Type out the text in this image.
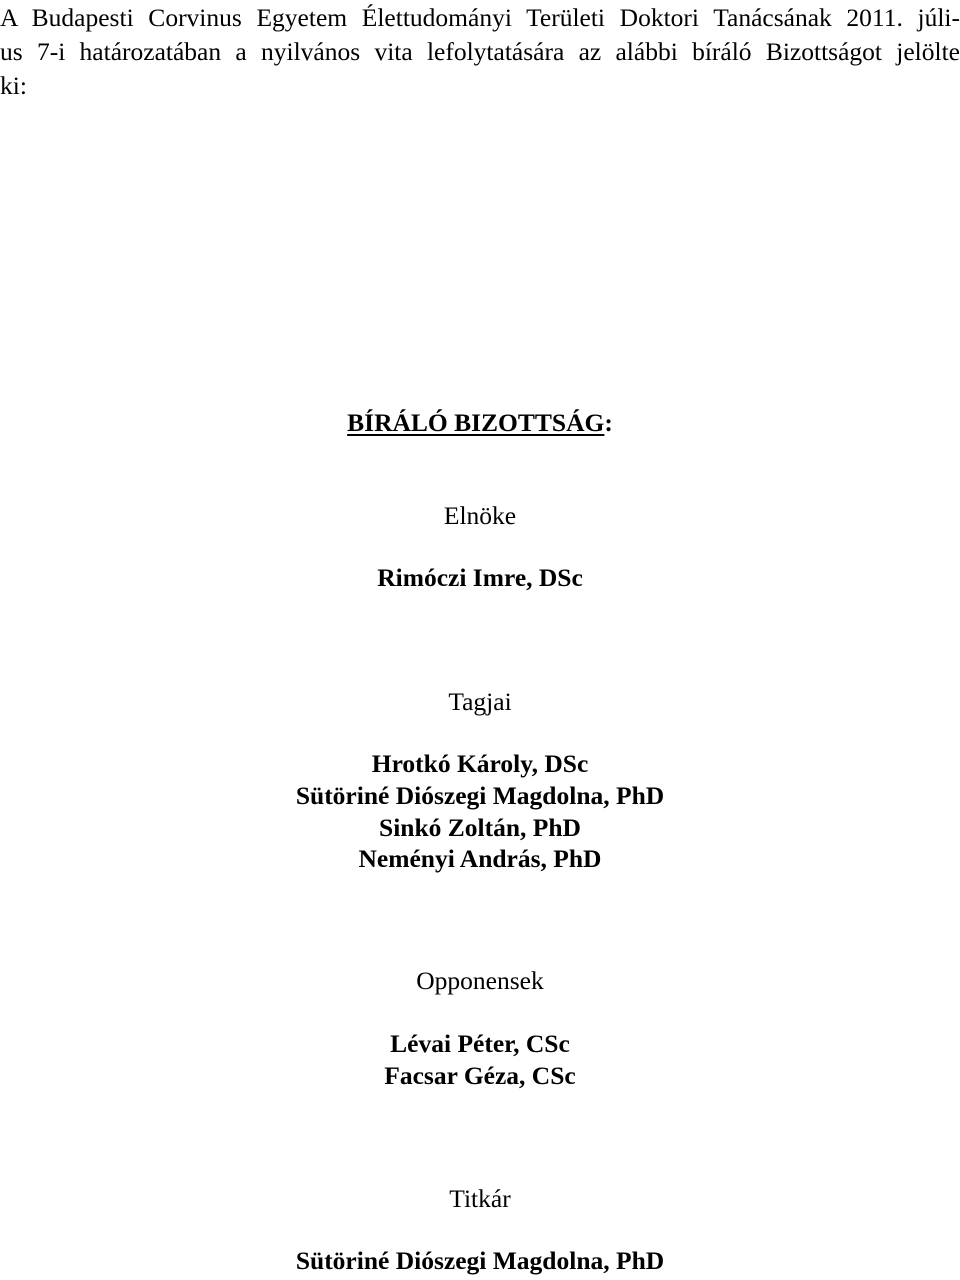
A Budapesti Corvinus Egyetem Élettudományi Területi Doktori Tanácsának 2011. júli-
us 7-i határozatában a nyilvános vita lefolytatására az alábbi bíráló Bizottságot jelölte
ki:
BÍRÁLÓ BIZOTTSÁG:
Elnöke
Rimóczi Imre, DSc
Tagjai
Hrotkó Károly, DSc
Sütöriné Diószegi Magdolna, PhD
Sinkó Zoltán, PhD
Neményi András, PhD
Opponensek
Lévai Péter, CSc
Facsar Géza, CSc
Titkár
Sütöriné Diószegi Magdolna, PhD
